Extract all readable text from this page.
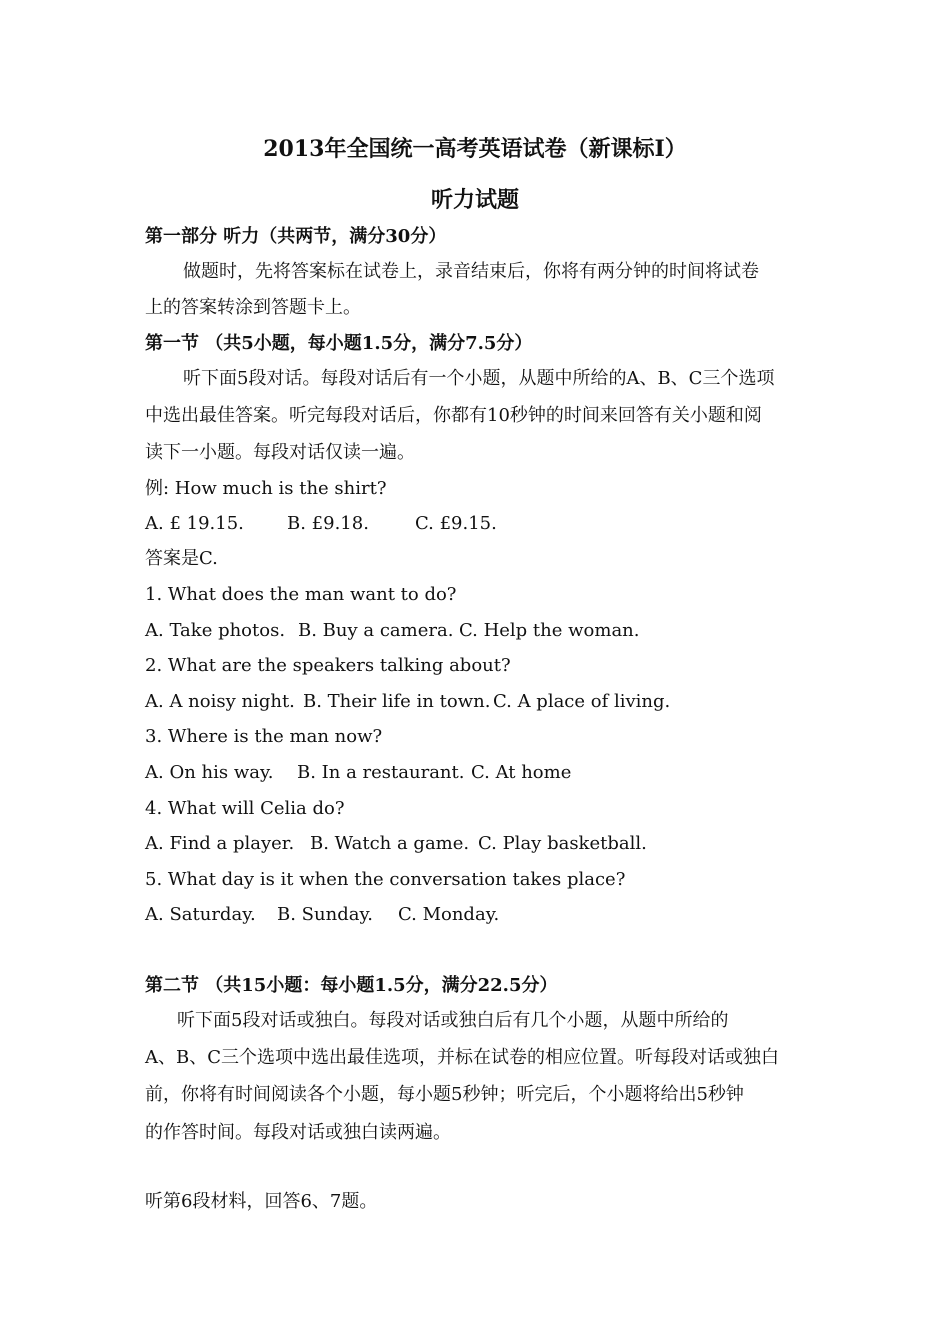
2013年全国统一高考英语试卷（新课标I）
听力试题
第一部分 听力（共两节，满分30分）
做题时，先将答案标在试卷上，录音结束后，你将有两分钟的时间将试卷
上的答案转涂到答题卡上。
第一节 （共5小题，每小题1.5分，满分7.5分）
听下面5段对话。每段对话后有一个小题，从题中所给的A、B、C三个选项
中选出最佳答案。听完每段对话后，你都有10秒钟的时间来回答有关小题和阅
读下一小题。每段对话仅读一遍。
例: How much is the shirt?
A. £ 19.15. B. £9.18.	C. £9.15.
答案是C.
1. What does the man want to do?
A. Take photos. B. Buy a camera. C. Help the woman.
2. What are the speakers talking about?
A. A noisy night. B. Their life in town. C. A place of living.
3. Where is the man now?
A. On his way. B. In a restaurant. C. At home
4. What will Celia do?
A. Find a player. B. Watch a game. C. Play basketball.
5. What day is it when the conversation takes place?
A. Saturday. B. Sunday. C. Monday.
第二节 （共15小题：每小题1.5分，满分22.5分）
听下面5段对话或独白。每段对话或独白后有几个小题，从题中所给的
A、B、C三个选项中选出最佳选项，并标在试卷的相应位置。听每段对话或独白
前，你将有时间阅读各个小题，每小题5秒钟；听完后，个小题将给出5秒钟
的作答时间。每段对话或独白读两遍。
听第6段材料，回答6、7题。
